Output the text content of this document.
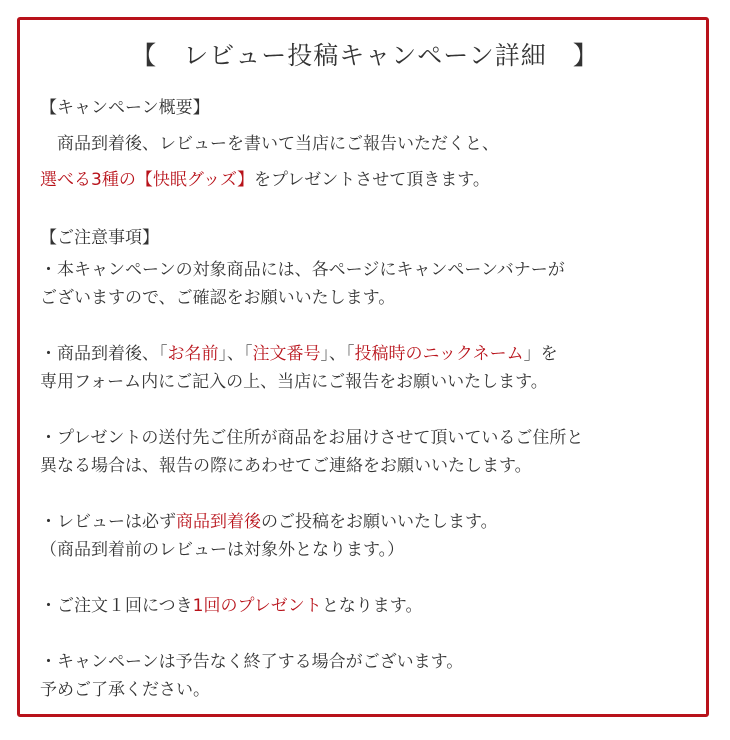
【　レビュー投稿キャンペーン詳細　】
【キャンペーン概要】
　商品到着後、レビューを書いて当店にご報告いただくと、
選べる3種の【快眠グッズ】をプレゼントさせて頂きます。
【ご注意事項】
・本キャンペーンの対象商品には、各ページにキャンペーンバナーが
ございますので、ご確認をお願いいたします。
・商品到着後、「お名前」、「注文番号」、「投稿時のニックネーム」を
専用フォーム内にご記入の上、当店にご報告をお願いいたします。
・プレゼントの送付先ご住所が商品をお届けさせて頂いているご住所と
異なる場合は、報告の際にあわせてご連絡をお願いいたします。
・レビューは必ず商品到着後のご投稿をお願いいたします。
（商品到着前のレビューは対象外となります。）
・ご注文１回につき1回のプレゼントとなります。
・キャンペーンは予告なく終了する場合がございます。
予めご了承ください。
